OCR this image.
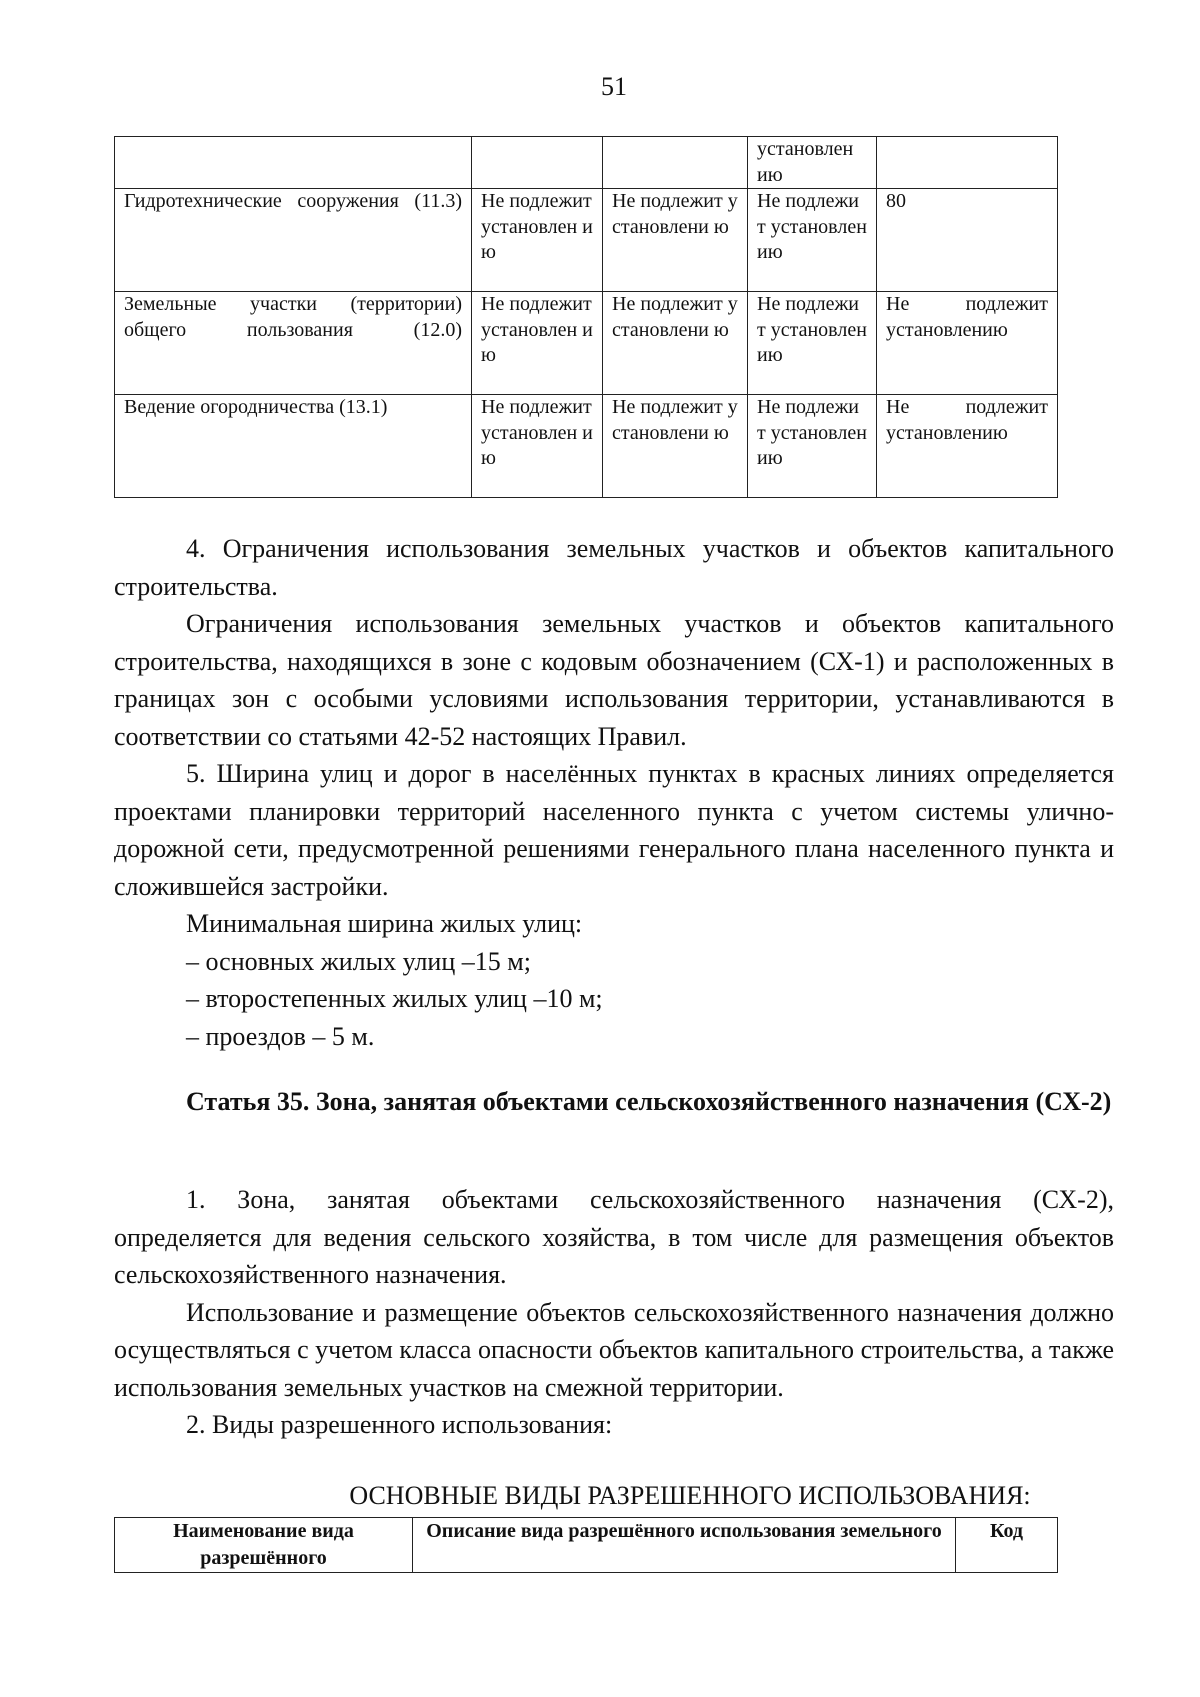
51
			установлен ию	
Гидротехнические сооружения (11.3)	Не подлежит установлен ию	Не подлежит установлени ю	Не подлежит установлен ию	80
Земельные участки (территории) общего пользования (12.0)	Не подлежит установлен ию	Не подлежит установлени ю	Не подлежит установлен ию	Не подлежит установлению
Ведение огородничества (13.1)	Не подлежит установлен ию	Не подлежит установлени ю	Не подлежит установлен ию	Не подлежит установлению

4. Ограничения использования земельных участков и объектов капитального строительства.

Ограничения использования земельных участков и объектов капитального строительства, находящихся в зоне с кодовым обозначением (СХ-1) и расположенных в границах зон с особыми условиями использования территории, устанавливаются в соответствии со статьями 42-52 настоящих Правил.

5. Ширина улиц и дорог в населённых пунктах в красных линиях определяется проектами планировки территорий населенного пункта с учетом системы улично-дорожной сети, предусмотренной решениями генерального плана населенного пункта и сложившейся застройки.

Минимальная ширина жилых улиц:

– основных жилых улиц –15 м;

– второстепенных жилых улиц –10 м;

– проездов – 5 м.

Статья 35. Зона, занятая объектами сельскохозяйственного назначения (СХ-2)

1. Зона, занятая объектами сельскохозяйственного назначения (СХ-2), определяется для ведения сельского хозяйства, в том числе для размещения объектов сельскохозяйственного назначения.

Использование и размещение объектов сельскохозяйственного назначения должно осуществляться с учетом класса опасности объектов капитального строительства, а также использования земельных участков на смежной территории.

2. Виды разрешенного использования:

ОСНОВНЫЕ ВИДЫ РАЗРЕШЕННОГО ИСПОЛЬЗОВАНИЯ:
Наименование вида разрешённого	Описание вида разрешённого использования земельного	Код
